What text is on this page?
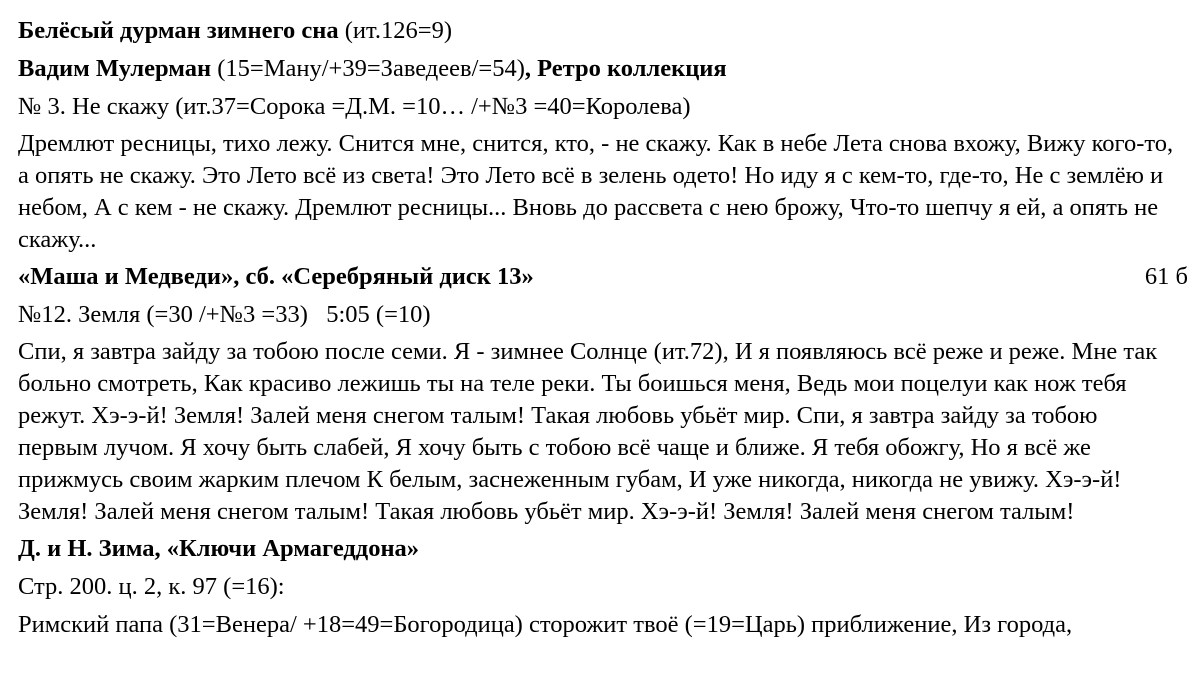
Белёсый дурман зимнего сна (ит.126=9)
Вадим Мулерман (15=Ману/+39=Заведеев/=54), Ретро коллекция
№ 3. Не скажу (ит.37=Сорока =Д.М. =10… /+№3 =40=Королева)
Дремлют ресницы, тихо лежу. Снится мне, снится, кто, - не скажу. Как в небе Лета снова вхожу, Вижу кого-то, а опять не скажу. Это Лето всё из света! Это Лето всё в зелень одето! Но иду я с кем-то, где-то, Не с землёю и небом, А с кем - не скажу. Дремлют ресницы... Вновь до рассвета с нею брожу, Что-то шепчу я ей, а опять не скажу...
«Маша и Медведи», сб. «Серебряный диск 13»	61 б
№12. Земля (=30 /+№3 =33)   5:05 (=10)
Спи, я завтра зайду за тобою после семи. Я - зимнее Солнце (ит.72), И я появляюсь всё реже и реже. Мне так больно смотреть, Как красиво лежишь ты на теле реки. Ты боишься меня, Ведь мои поцелуи как нож тебя режут. Хэ-э-й! Земля! Залей меня снегом талым! Такая любовь убьёт мир. Спи, я завтра зайду за тобою первым лучом. Я хочу быть слабей, Я хочу быть с тобою всё чаще и ближе. Я тебя обожгу, Но я всё же прижмусь своим жарким плечом К белым, заснеженным губам, И уже никогда, никогда не увижу. Хэ-э-й! Земля! Залей меня снегом талым! Такая любовь убьёт мир. Хэ-э-й! Земля! Залей меня снегом талым!
Д. и Н. Зима, «Ключи Армагеддона»
Стр. 200. ц. 2, к. 97 (=16):
Римский папа (31=Венера/ +18=49=Богородица) сторожит твоё (=19=Царь) приближение, Из города,
